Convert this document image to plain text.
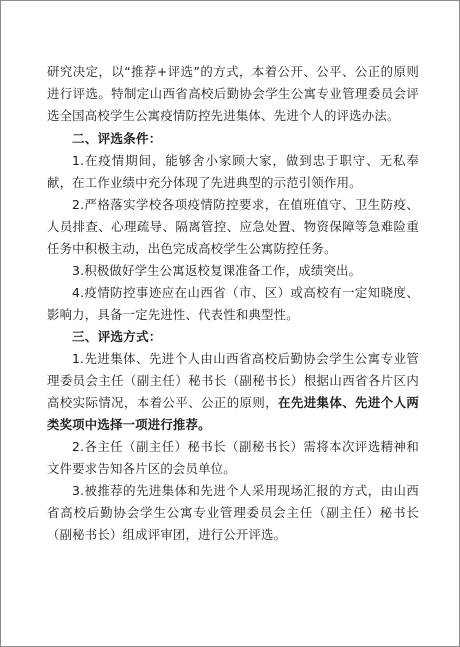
研究决定，以“推荐+评选”的方式，本着公开、公平、公正的原则进行评选。特制定山西省高校后勤协会学生公寓专业管理委员会评选全国高校学生公寓疫情防控先进集体、先进个人的评选办法。

二、评选条件：

1.在疫情期间，能够舍小家顾大家，做到忠于职守、无私奉献，在工作业绩中充分体现了先进典型的示范引领作用。

2.严格落实学校各项疫情防控要求，在值班值守、卫生防疫、人员排查、心理疏导、隔离管控、应急处置、物资保障等急难险重任务中积极主动，出色完成高校学生公寓防控任务。

3.积极做好学生公寓返校复课准备工作，成绩突出。

4.疫情防控事迹应在山西省（市、区）或高校有一定知晓度、影响力，具备一定先进性、代表性和典型性。

三、评选方式：

1.先进集体、先进个人由山西省高校后勤协会学生公寓专业管理委员会主任（副主任）秘书长（副秘书长）根据山西省各片区内高校实际情况，本着公平、公正的原则，在先进集体、先进个人两类奖项中选择一项进行推荐。

2.各主任（副主任）秘书长（副秘书长）需将本次评选精神和文件要求告知各片区的会员单位。

3.被推荐的先进集体和先进个人采用现场汇报的方式，由山西省高校后勤协会学生公寓专业管理委员会主任（副主任）秘书长（副秘书长）组成评审团，进行公开评选。
